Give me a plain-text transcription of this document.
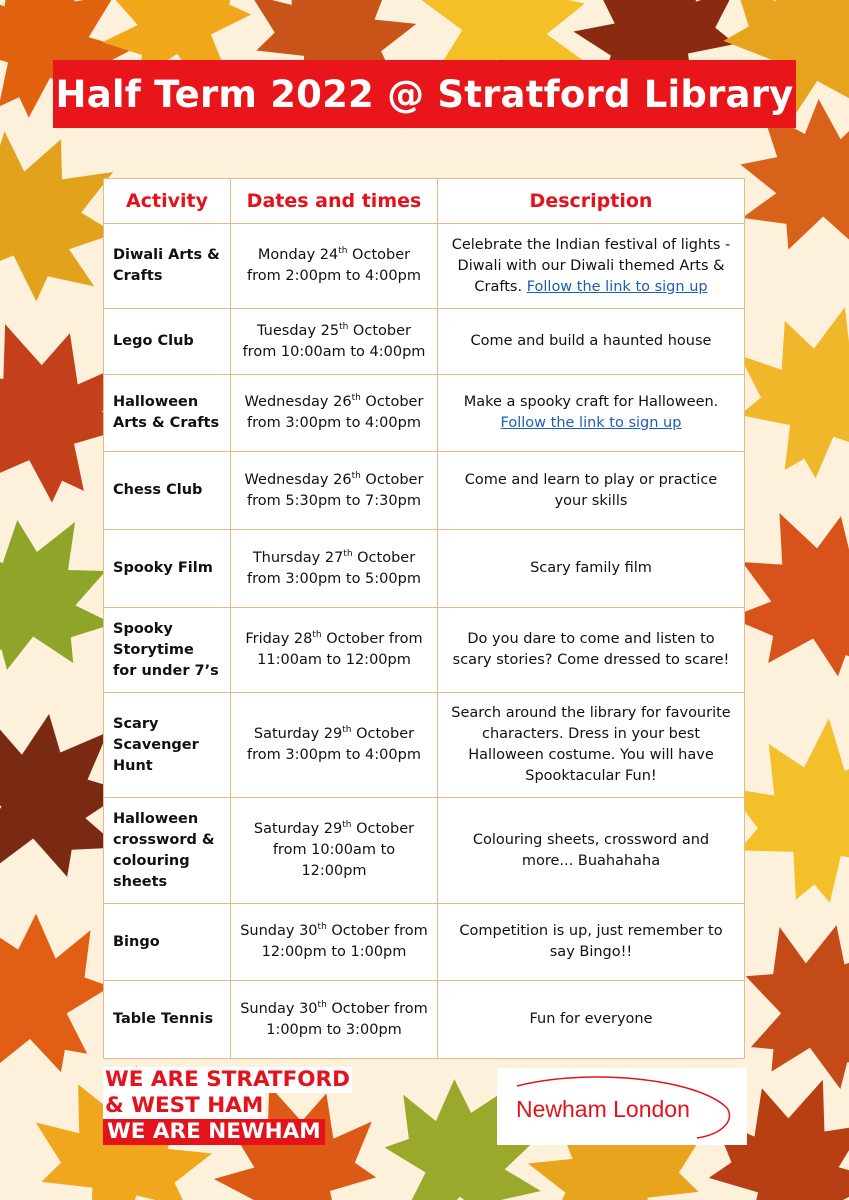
Half Term 2022 @ Stratford Library
Activity	Dates and times	Description
Diwali Arts & Crafts	Monday 24th October from 2:00pm to 4:00pm	Celebrate the Indian festival of lights - Diwali with our Diwali themed Arts & Crafts. Follow the link to sign up
Lego Club	Tuesday 25th October from 10:00am to 4:00pm	Come and build a haunted house
Halloween Arts & Crafts	Wednesday 26th October from 3:00pm to 4:00pm	Make a spooky craft for Halloween. Follow the link to sign up
Chess Club	Wednesday 26th October from 5:30pm to 7:30pm	Come and learn to play or practice your skills
Spooky Film	Thursday 27th October from 3:00pm to 5:00pm	Scary family film
Spooky Storytime for under 7’s	Friday 28th October from 11:00am to 12:00pm	Do you dare to come and listen to scary stories? Come dressed to scare!
Scary Scavenger Hunt	Saturday 29th October from 3:00pm to 4:00pm	Search around the library for favourite characters. Dress in your best Halloween costume. You will have Spooktacular Fun!
Halloween crossword & colouring sheets	Saturday 29th October from 10:00am to 12:00pm	Colouring sheets, crossword and more... Buahahaha
Bingo	Sunday 30th October from 12:00pm to 1:00pm	Competition is up, just remember to say Bingo!!
Table Tennis	Sunday 30th October from 1:00pm to 3:00pm	Fun for everyone
WE ARE STRATFORD
& WEST HAM
WE ARE NEWHAM
Newham London
